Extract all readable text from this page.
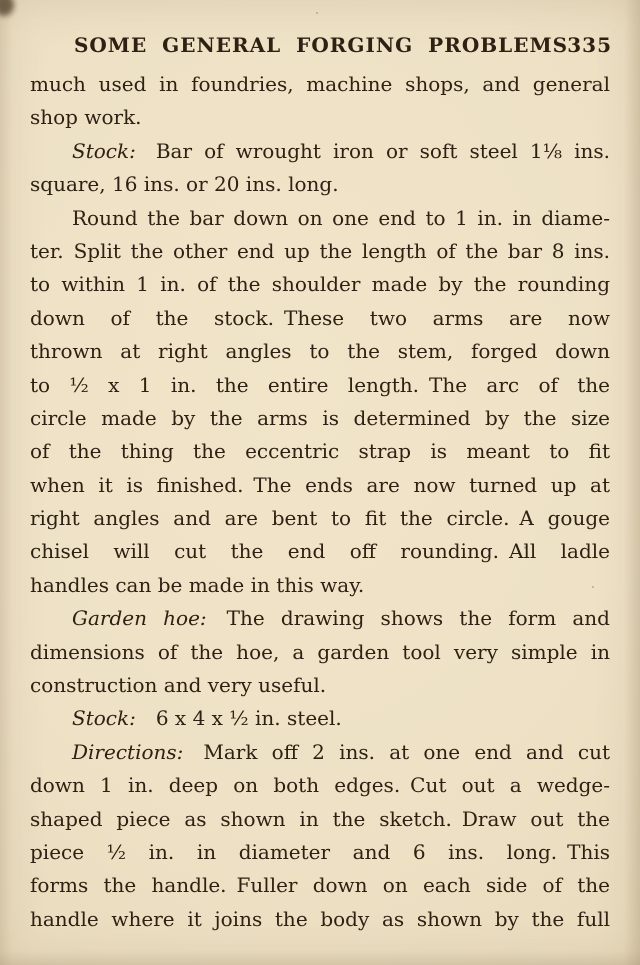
SOME GENERAL FORGING PROBLEMS 335
much used in foundries, machine shops, and general
shop work.
Stock: Bar of wrought iron or soft steel 1⅛ ins.
square, 16 ins. or 20 ins. long.
Round the bar down on one end to 1 in. in diame-
ter. Split the other end up the length of the bar 8 ins.
to within 1 in. of the shoulder made by the rounding
down of the stock. These two arms are now
thrown at right angles to the stem, forged down
to ½ x 1 in. the entire length. The arc of the
circle made by the arms is determined by the size
of the thing the eccentric strap is meant to fit
when it is finished. The ends are now turned up at
right angles and are bent to fit the circle. A gouge
chisel will cut the end off rounding. All ladle
handles can be made in this way.
Garden hoe: The drawing shows the form and
dimensions of the hoe, a garden tool very simple in
construction and very useful.
Stock: 6 x 4 x ½ in. steel.
Directions: Mark off 2 ins. at one end and cut
down 1 in. deep on both edges. Cut out a wedge-
shaped piece as shown in the sketch. Draw out the
piece ½ in. in diameter and 6 ins. long. This
forms the handle. Fuller down on each side of the
handle where it joins the body as shown by the full
